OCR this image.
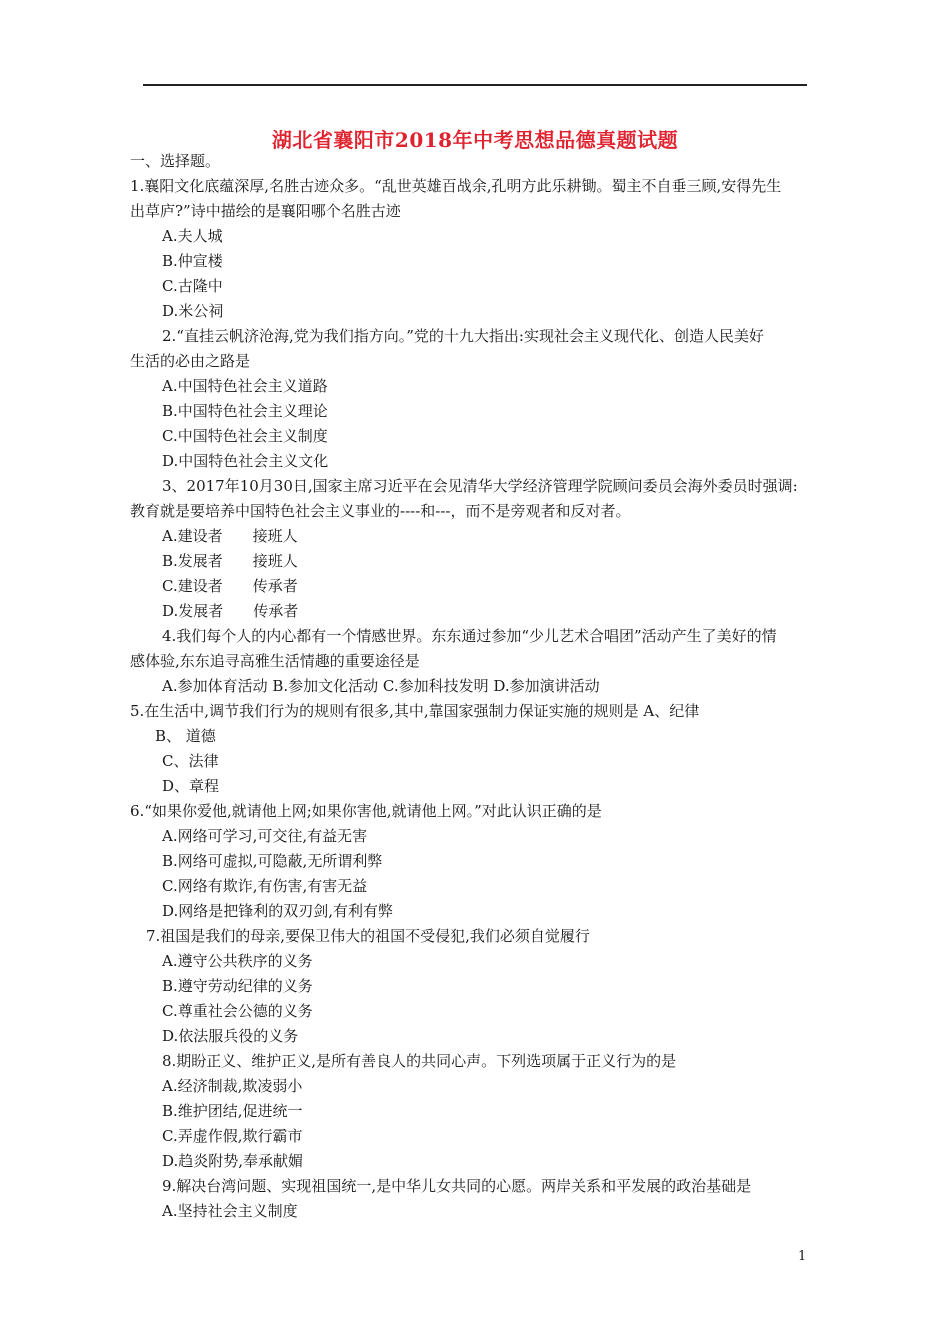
湖北省襄阳市2018年中考思想品德真题试题
一、选择题。
1.襄阳文化底蕴深厚,名胜古迹众多。“乱世英雄百战余,孔明方此乐耕锄。蜀主不自垂三顾,安得先生
出草庐?”诗中描绘的是襄阳哪个名胜古迹
A.夫人城
B.仲宣楼
C.古隆中
D.米公祠
2.“直挂云帆济沧海,党为我们指方向。”党的十九大指出:实现社会主义现代化、创造人民美好
生活的必由之路是
A.中国特色社会主义道路
B.中国特色社会主义理论
C.中国特色社会主义制度
D.中国特色社会主义文化
3、2017年10月30日,国家主席习近平在会见清华大学经济管理学院顾问委员会海外委员时强调:
教育就是要培养中国特色社会主义事业的----和---，而不是旁观者和反对者。
A.建设者　　接班人
B.发展者　　接班人
C.建设者　　传承者
D.发展者　　传承者
4.我们每个人的内心都有一个情感世界。东东通过参加“少儿艺术合唱团”活动产生了美好的情
感体验,东东追寻高雅生活情趣的重要途径是
A.参加体育活动 B.参加文化活动 C.参加科技发明 D.参加演讲活动
5.在生活中,调节我们行为的规则有很多,其中,靠国家强制力保证实施的规则是 A、纪律
B、 道德
C、法律
D、章程
6.“如果你爱他,就请他上网;如果你害他,就请他上网。”对此认识正确的是
A.网络可学习,可交往,有益无害
B.网络可虚拟,可隐蔽,无所谓利弊
C.网络有欺诈,有伤害,有害无益
D.网络是把锋利的双刃剑,有利有弊
7.祖国是我们的母亲,要保卫伟大的祖国不受侵犯,我们必须自觉履行
A.遵守公共秩序的义务
B.遵守劳动纪律的义务
C.尊重社会公德的义务
D.依法服兵役的义务
8.期盼正义、维护正义,是所有善良人的共同心声。下列选项属于正义行为的是
A.经济制裁,欺凌弱小
B.维护团结,促进统一
C.弄虚作假,欺行霸市
D.趋炎附势,奉承献媚
9.解决台湾问题、实现祖国统一,是中华儿女共同的心愿。两岸关系和平发展的政治基础是
A.坚持社会主义制度
1
